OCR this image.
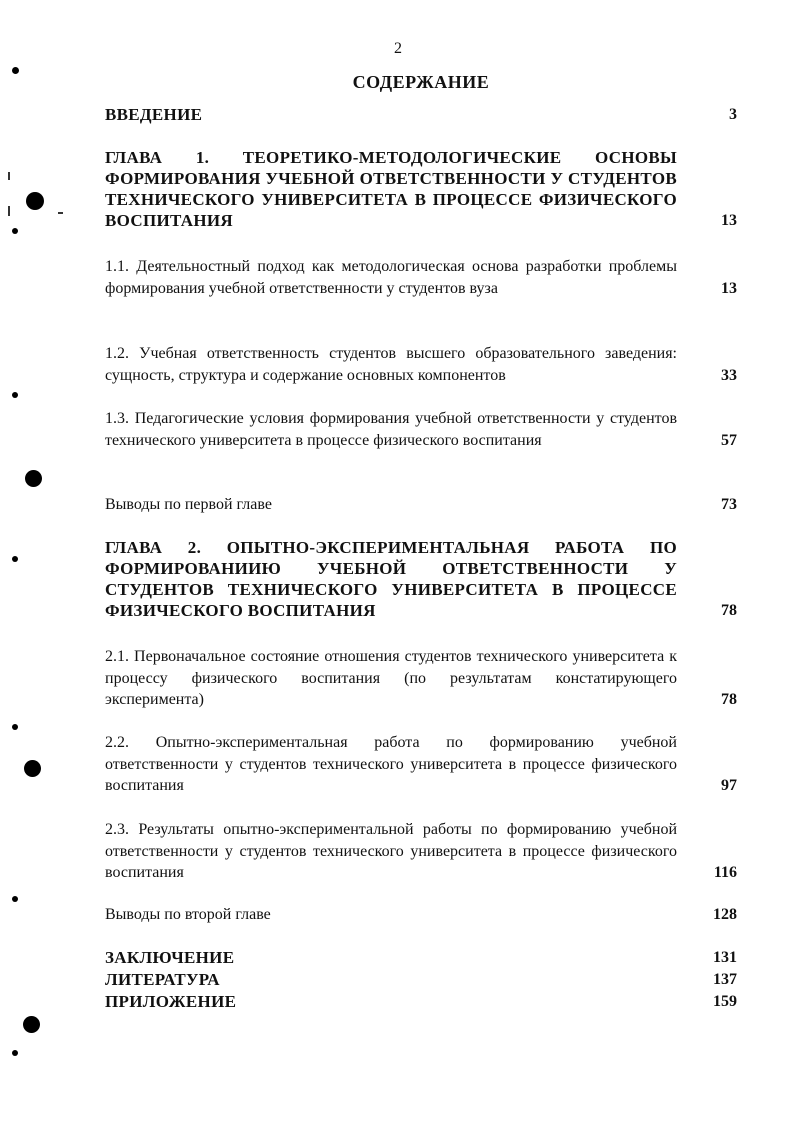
2
СОДЕРЖАНИЕ
ВВЕДЕНИЕ	3
ГЛАВА 1. ТЕОРЕТИКО-МЕТОДОЛОГИЧЕСКИЕ ОСНОВЫ ФОРМИРОВАНИЯ УЧЕБНОЙ ОТВЕТСТВЕННОСТИ У СТУДЕНТОВ ТЕХНИЧЕСКОГО УНИВЕРСИТЕТА В ПРОЦЕССЕ ФИЗИЧЕСКОГО ВОСПИТАНИЯ	13
1.1. Деятельностный подход как методологическая основа разработки проблемы формирования учебной ответственности у студентов вуза	13
1.2. Учебная ответственность студентов высшего образовательного заведения: сущность, структура и содержание основных компонентов	33
1.3. Педагогические условия формирования учебной ответственности у студентов технического университета в процессе физического воспитания	57
Выводы по первой главе	73
ГЛАВА 2. ОПЫТНО-ЭКСПЕРИМЕНТАЛЬНАЯ РАБОТА ПО ФОРМИРОВАНИИЮ УЧЕБНОЙ ОТВЕТСТВЕННОСТИ У СТУДЕНТОВ ТЕХНИЧЕСКОГО УНИВЕРСИТЕТА В ПРОЦЕССЕ ФИЗИЧЕСКОГО ВОСПИТАНИЯ	78
2.1. Первоначальное состояние отношения студентов технического университета к процессу физического воспитания (по результатам констатирующего эксперимента)	78
2.2. Опытно-экспериментальная работа по формированию учебной ответственности у студентов технического университета в процессе физического воспитания	97
2.3. Результаты опытно-экспериментальной работы по формированию учебной ответственности у студентов технического университета в процессе физического воспитания	116
Выводы по второй главе	128
ЗАКЛЮЧЕНИЕ	131
ЛИТЕРАТУРА	137
ПРИЛОЖЕНИЕ	159
